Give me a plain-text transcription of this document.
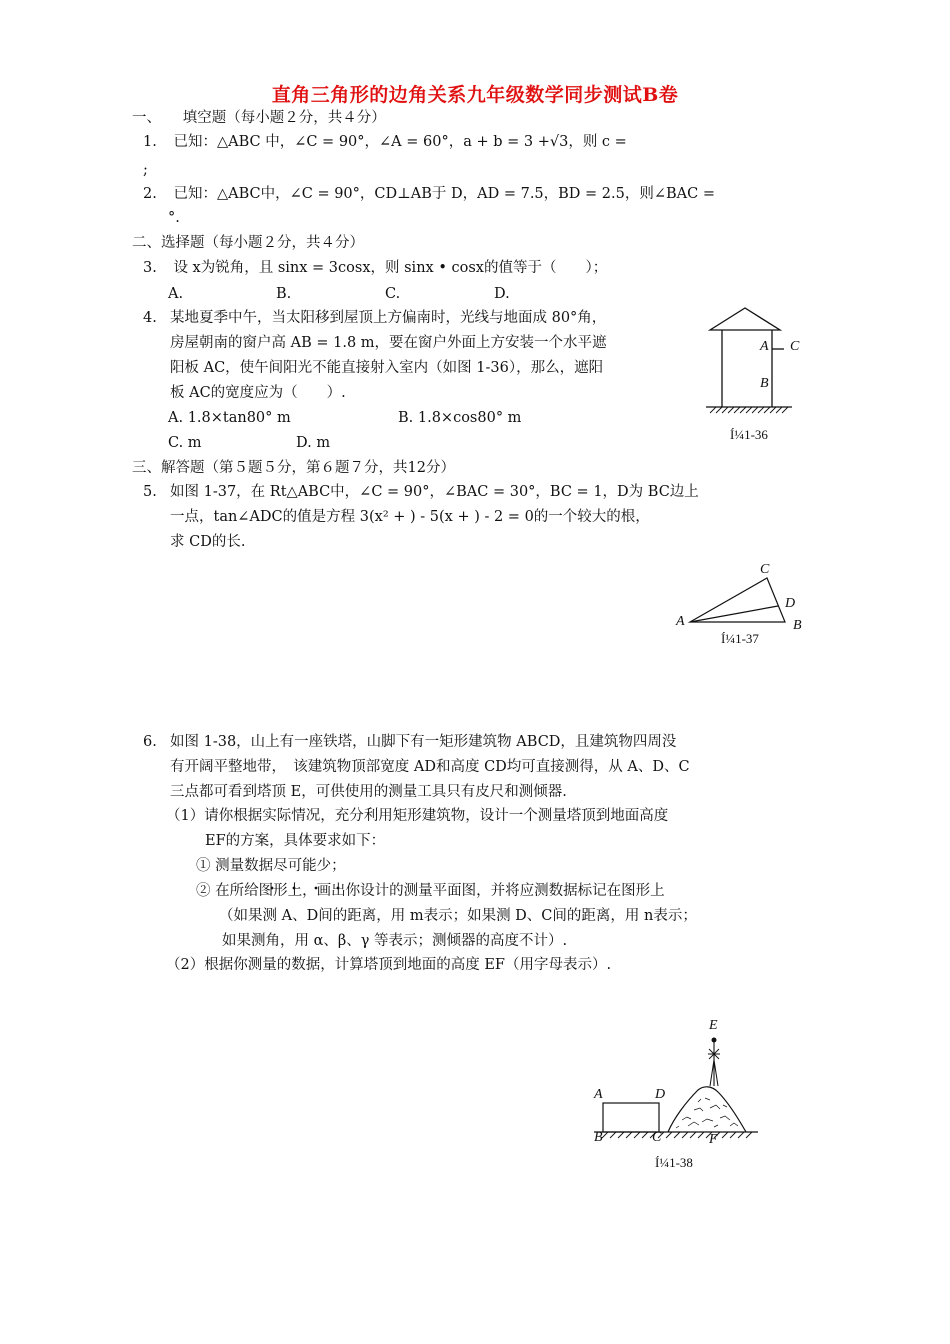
直角三角形的边角关系九年级数学同步测试B卷
一、　　填空题（每小题２分，共４分）
1. 已知：△ABC 中，∠C = 90°，∠A = 60°，a + b = 3 +√3，则 c =
;
2. 已知：△ABC中，∠C = 90°，CD⊥AB于 D，AD = 7.5，BD = 2.5，则∠BAC =
°.
二、选择题（每小题２分，共４分）
3. 设 x为锐角，且 sinx = 3cosx，则 sinx • cosx的值等于（　　）；
A.	B.	C.	D.
4. 某地夏季中午，当太阳移到屋顶上方偏南时，光线与地面成 80°角，
房屋朝南的窗户高 AB = 1.8 m，要在窗户外面上方安装一个水平遮
阳板 AC，使午间阳光不能直接射入室内（如图 1-36），那么，遮阳
板 AC的宽度应为（　　）.
A. 1.8×tan80° m	B. 1.8×cos80° m
C. m	D. m
A C
B
Í¼1-36
三、解答题（第５题５分，第６题７分，共12分）
5. 如图 1-37，在 Rt△ABC中，∠C = 90°，∠BAC = 30°，BC = 1，D为 BC边上
一点，tan∠ADC的值是方程 3(x² + ) - 5(x + ) - 2 = 0的一个较大的根，
求 CD的长.
C
D
A	B
Í¼1-37
6. 如图 1-38，山上有一座铁塔，山脚下有一矩形建筑物 ABCD，且建筑物四周没
有开阔平整地带，　该建筑物顶部宽度 AD和高度 CD均可直接测得，从 A、D、C
三点都可看到塔顶 E，可供使用的测量工具只有皮尺和测倾器.
（1）请你根据实际情况，充分利用矩形建筑物，设计一个测量塔顶到地面高度
EF的方案，具体要求如下：
① 测量数据尽可能少；
② 在所给图形上，画出你设计的测量平面图，并将应测数据标记在图形上
（如果测 A、D间的距离，用 m表示；如果测 D、C间的距离，用 n表示；
如果测角，用 α、β、γ 等表示；测倾器的高度不计）.
（2）根据你测量的数据，计算塔顶到地面的高度 EF（用字母表示）.
E
A	D
B	C	F
Í¼1-38
